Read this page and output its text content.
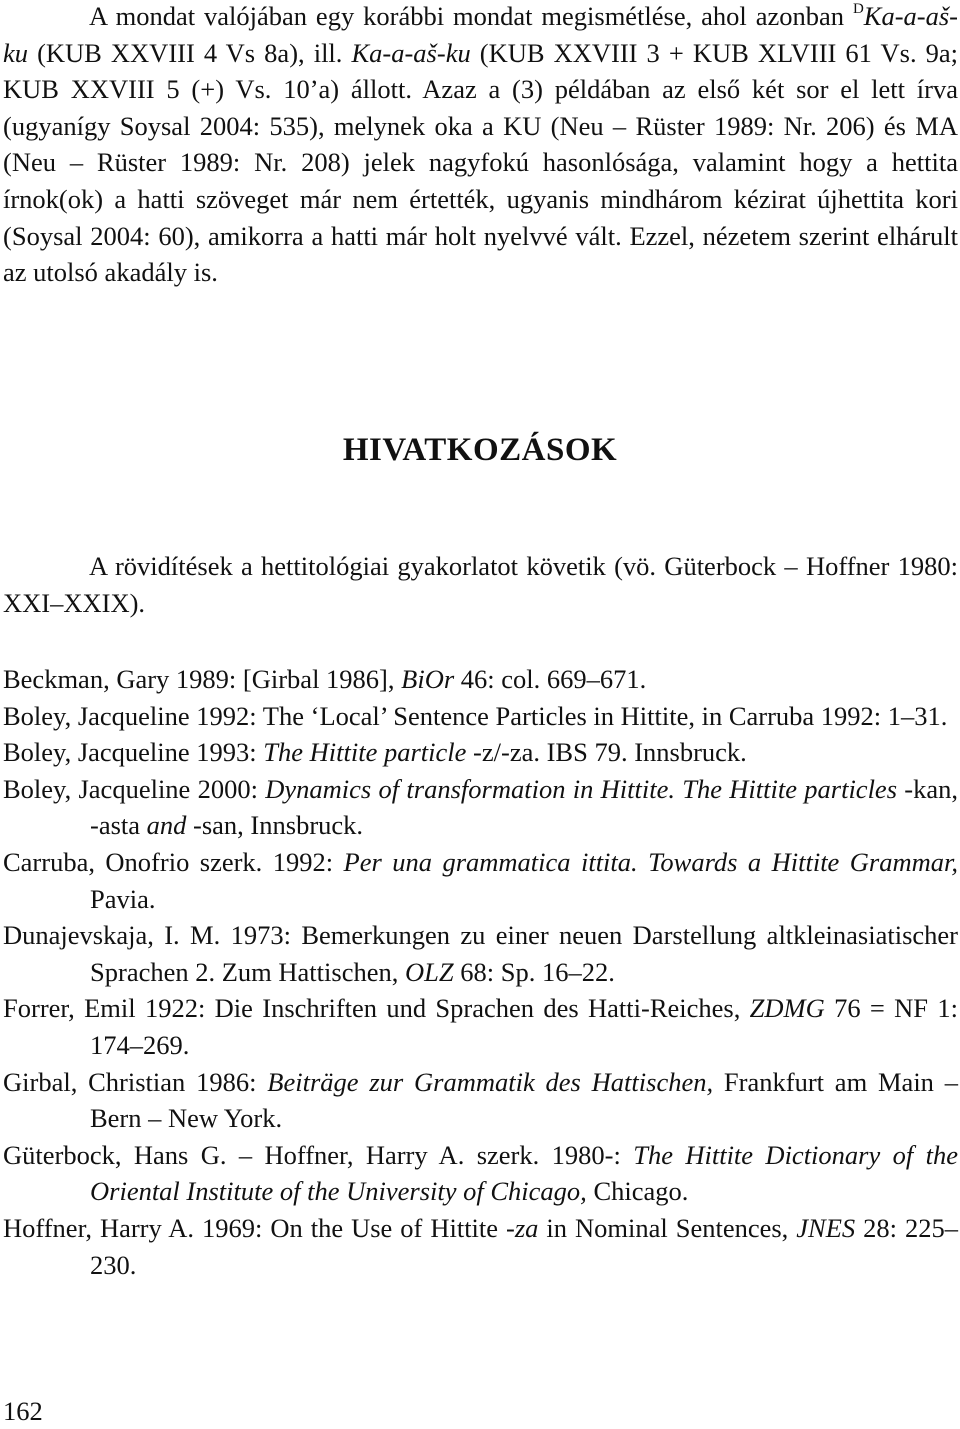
A mondat valójában egy korábbi mondat megismétlése, ahol azonban $^D$Ka-a-aš-ku (KUB XXVIII 4 Vs 8a), ill. Ka-a-aš-ku (KUB XXVIII 3 + KUB XLVIII 61 Vs. 9a; KUB XXVIII 5 (+) Vs. 10’a) állott. Azaz a (3) példában az első két sor el lett írva (ugyanígy Soysal 2004: 535), melynek oka a KU (Neu – Rüster 1989: Nr. 206) és MA (Neu – Rüster 1989: Nr. 208) jelek nagyfokú hasonlósága, valamint hogy a hettita írnok(ok) a hatti szöveget már nem értették, ugyanis mindhárom kézirat újhettita kori (Soysal 2004: 60), amikorra a hatti már holt nyelvvé vált. Ezzel, nézetem szerint elhárult az utolsó akadály is.
HIVATKOZÁSOK
A rövidítések a hettitológiai gyakorlatot követik (vö. Güterbock – Hoffner 1980: XXI–XXIX).

Beckman, Gary 1989: [Girbal 1986], BiOr 46: col. 669–671.

Boley, Jacqueline 1992: The ‘Local’ Sentence Particles in Hittite, in Carruba 1992: 1–31.

Boley, Jacqueline 1993: The Hittite particle -z/-za. IBS 79. Innsbruck.

Boley, Jacqueline 2000: Dynamics of transformation in Hittite. The Hittite particles -kan, -asta and -san, Innsbruck.

Carruba, Onofrio szerk. 1992: Per una grammatica ittita. Towards a Hittite Grammar, Pavia.

Dunajevskaja, I. M. 1973: Bemerkungen zu einer neuen Darstellung altkleinasiatischer Sprachen 2. Zum Hattischen, OLZ 68: Sp. 16–22.

Forrer, Emil 1922: Die Inschriften und Sprachen des Hatti-Reiches, ZDMG 76 = NF 1: 174–269.

Girbal, Christian 1986: Beiträge zur Grammatik des Hattischen, Frankfurt am Main – Bern – New York.

Güterbock, Hans G. – Hoffner, Harry A. szerk. 1980-: The Hittite Dictionary of the Oriental Institute of the University of Chicago, Chicago.

Hoffner, Harry A. 1969: On the Use of Hittite -za in Nominal Sentences, JNES 28: 225–230.

162
